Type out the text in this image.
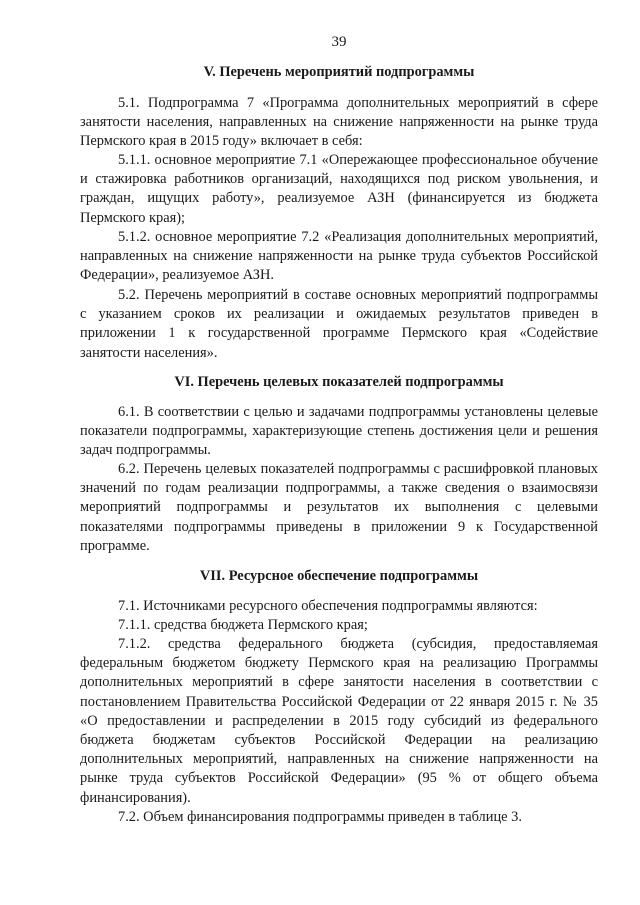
39
V. Перечень мероприятий подпрограммы

5.1. Подпрограмма 7 «Программа дополнительных мероприятий в сфере занятости населения, направленных на снижение напряженности на рынке труда Пермского края в 2015 году» включает в себя:

5.1.1. основное мероприятие 7.1 «Опережающее профессиональное обучение и стажировка работников организаций, находящихся под риском увольнения, и граждан, ищущих работу», реализуемое АЗН (финансируется из бюджета Пермского края);

5.1.2. основное мероприятие 7.2 «Реализация дополнительных мероприятий, направленных на снижение напряженности на рынке труда субъектов Российской Федерации», реализуемое АЗН.

5.2. Перечень мероприятий в составе основных мероприятий подпрограммы с указанием сроков их реализации и ожидаемых результатов приведен в приложении 1 к государственной программе Пермского края «Содействие занятости населения».

VI. Перечень целевых показателей подпрограммы

6.1. В соответствии с целью и задачами подпрограммы установлены целевые показатели подпрограммы, характеризующие степень достижения цели и решения задач подпрограммы.

6.2. Перечень целевых показателей подпрограммы с расшифровкой плановых значений по годам реализации подпрограммы, а также сведения о взаимосвязи мероприятий подпрограммы и результатов их выполнения с целевыми показателями подпрограммы приведены в приложении 9 к Государственной программе.

VII. Ресурсное обеспечение подпрограммы

7.1. Источниками ресурсного обеспечения подпрограммы являются:

7.1.1. средства бюджета Пермского края;

7.1.2. средства федерального бюджета (субсидия, предоставляемая федеральным бюджетом бюджету Пермского края на реализацию Программы дополнительных мероприятий в сфере занятости населения в соответствии с постановлением Правительства Российской Федерации от 22 января 2015 г. № 35 «О предоставлении и распределении в 2015 году субсидий из федерального бюджета бюджетам субъектов Российской Федерации на реализацию дополнительных мероприятий, направленных на снижение напряженности на рынке труда субъектов Российской Федерации» (95 % от общего объема финансирования).

7.2. Объем финансирования подпрограммы приведен в таблице 3.
